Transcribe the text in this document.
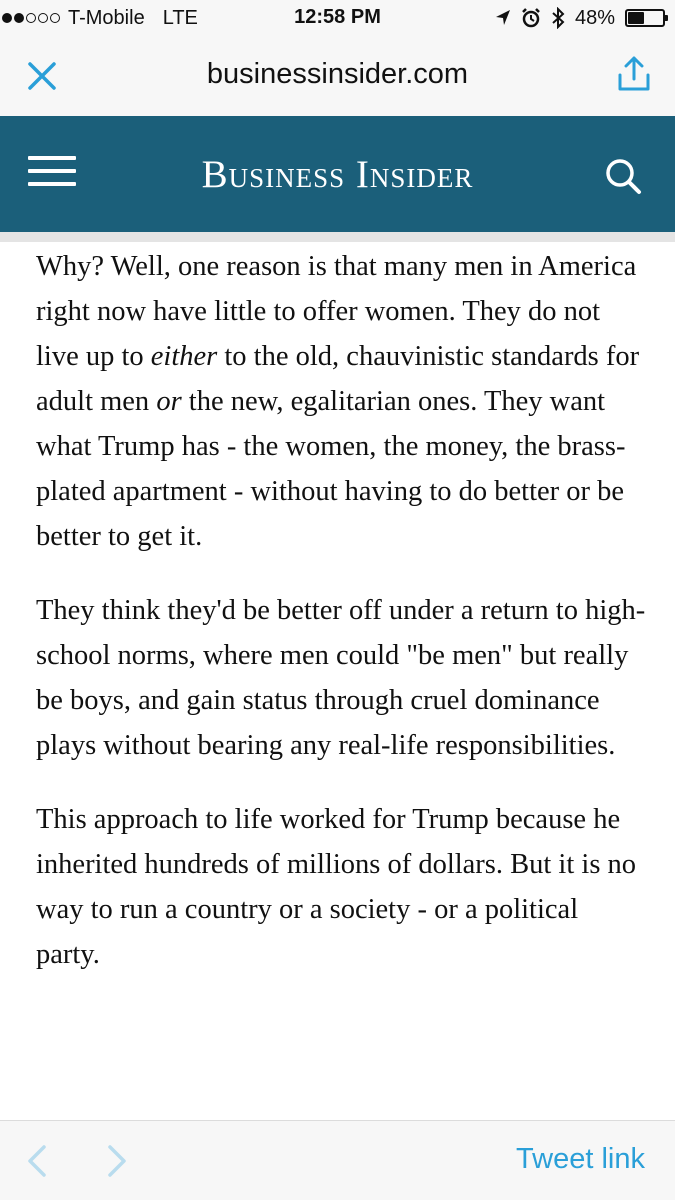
T-Mobile LTE	12:58 PM	48%
businessinsider.com
Business Insider

Why? Well, one reason is that many men in America right now have little to offer women. They do not live up to either to the old, chauvinistic standards for adult men or the new, egalitarian ones. They want what Trump has - the women, the money, the brass-plated apartment - without having to do better or be better to get it.

They think they'd be better off under a return to high-school norms, where men could "be men" but really be boys, and gain status through cruel dominance plays without bearing any real-life responsibilities.

This approach to life worked for Trump because he inherited hundreds of millions of dollars. But it is no way to run a country or a society - or a political party.

Tweet link
